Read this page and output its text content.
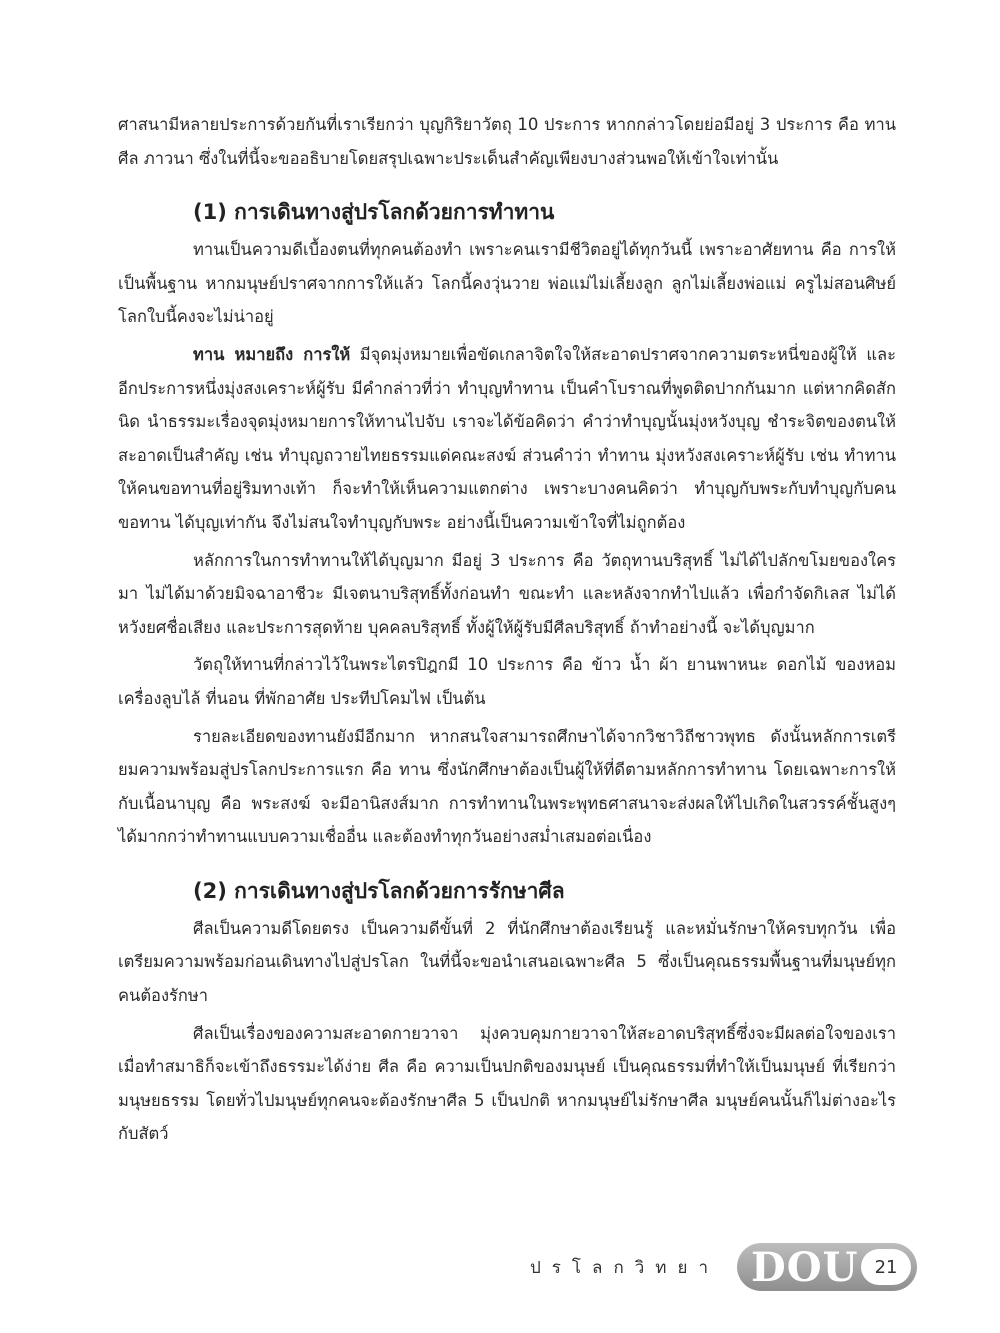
ศาสนามีหลายประการด้วยกันที่เราเรียกว่า บุญกิริยาวัตถุ 10 ประการ หากกล่าวโดยย่อมีอยู่ 3 ประการ คือ ทาน ศีล ภาวนา ซึ่งในที่นี้จะขออธิบายโดยสรุปเฉพาะประเด็นสำคัญเพียงบางส่วนพอให้เข้าใจเท่านั้น

(1) การเดินทางสู่ปรโลกด้วยการทำทาน

ทานเป็นความดีเบื้องตนที่ทุกคนต้องทำ เพราะคนเรามีชีวิตอยู่ได้ทุกวันนี้ เพราะอาศัยทาน คือ การให้เป็นพื้นฐาน หากมนุษย์ปราศจากการให้แล้ว โลกนี้คงวุ่นวาย พ่อแม่ไม่เลี้ยงลูก ลูกไม่เลี้ยงพ่อแม่ ครูไม่สอนศิษย์ โลกใบนี้คงจะไม่น่าอยู่

ทาน หมายถึง การให้ มีจุดมุ่งหมายเพื่อขัดเกลาจิตใจให้สะอาดปราศจากความตระหนี่ของผู้ให้ และอีกประการหนึ่งมุ่งสงเคราะห์ผู้รับ มีคำกล่าวที่ว่า ทำบุญทำทาน เป็นคำโบราณที่พูดติดปากกันมาก แต่หากคิดสักนิด นำธรรมะเรื่องจุดมุ่งหมายการให้ทานไปจับ เราจะได้ข้อคิดว่า คำว่าทำบุญนั้นมุ่งหวังบุญ ชำระจิตของตนให้สะอาดเป็นสำคัญ เช่น ทำบุญถวายไทยธรรมแด่คณะสงฆ์ ส่วนคำว่า ทำทาน มุ่งหวังสงเคราะห์ผู้รับ เช่น ทำทานให้คนขอทานที่อยู่ริมทางเท้า ก็จะทำให้เห็นความแตกต่าง เพราะบางคนคิดว่า ทำบุญกับพระกับทำบุญกับคนขอทาน ได้บุญเท่ากัน จึงไม่สนใจทำบุญกับพระ อย่างนี้เป็นความเข้าใจที่ไม่ถูกต้อง

หลักการในการทำทานให้ได้บุญมาก มีอยู่ 3 ประการ คือ วัตถุทานบริสุทธิ์ ไม่ได้ไปลักขโมยของใครมา ไม่ได้มาด้วยมิจฉาอาชีวะ มีเจตนาบริสุทธิ์ทั้งก่อนทำ ขณะทำ และหลังจากทำไปแล้ว เพื่อกำจัดกิเลส ไม่ได้หวังยศชื่อเสียง และประการสุดท้าย บุคคลบริสุทธิ์ ทั้งผู้ให้ผู้รับมีศีลบริสุทธิ์ ถ้าทำอย่างนี้ จะได้บุญมาก

วัตถุให้ทานที่กล่าวไว้ในพระไตรปิฎกมี 10 ประการ คือ ข้าว น้ำ ผ้า ยานพาหนะ ดอกไม้ ของหอม เครื่องลูบไล้ ที่นอน ที่พักอาศัย ประทีปโคมไฟ เป็นต้น

รายละเอียดของทานยังมีอีกมาก หากสนใจสามารถศึกษาได้จากวิชาวิถีชาวพุทธ ดังนั้นหลักการเตรียมความพร้อมสู่ปรโลกประการแรก คือ ทาน ซึ่งนักศึกษาต้องเป็นผู้ให้ที่ดีตามหลักการทำทาน โดยเฉพาะการให้กับเนื้อนาบุญ คือ พระสงฆ์ จะมีอานิสงส์มาก การทำทานในพระพุทธศาสนาจะส่งผลให้ไปเกิดในสวรรค์ชั้นสูงๆ ได้มากกว่าทำทานแบบความเชื่ออื่น และต้องทำทุกวันอย่างสม่ำเสมอต่อเนื่อง

(2) การเดินทางสู่ปรโลกด้วยการรักษาศีล

ศีลเป็นความดีโดยตรง เป็นความดีขั้นที่ 2 ที่นักศึกษาต้องเรียนรู้ และหมั่นรักษาให้ครบทุกวัน เพื่อเตรียมความพร้อมก่อนเดินทางไปสู่ปรโลก ในที่นี้จะขอนำเสนอเฉพาะศีล 5 ซึ่งเป็นคุณธรรมพื้นฐานที่มนุษย์ทุกคนต้องรักษา

ศีลเป็นเรื่องของความสะอาดกายวาจา มุ่งควบคุมกายวาจาให้สะอาดบริสุทธิ์ซึ่งจะมีผลต่อใจของเรา เมื่อทำสมาธิก็จะเข้าถึงธรรมะได้ง่าย ศีล คือ ความเป็นปกติของมนุษย์ เป็นคุณธรรมที่ทำให้เป็นมนุษย์ ที่เรียกว่า มนุษยธรรม โดยทั่วไปมนุษย์ทุกคนจะต้องรักษาศีล 5 เป็นปกติ หากมนุษย์ไม่รักษาศีล มนุษย์คนนั้นก็ไม่ต่างอะไรกับสัตว์

ปรโลกวิทยา DOU 21
